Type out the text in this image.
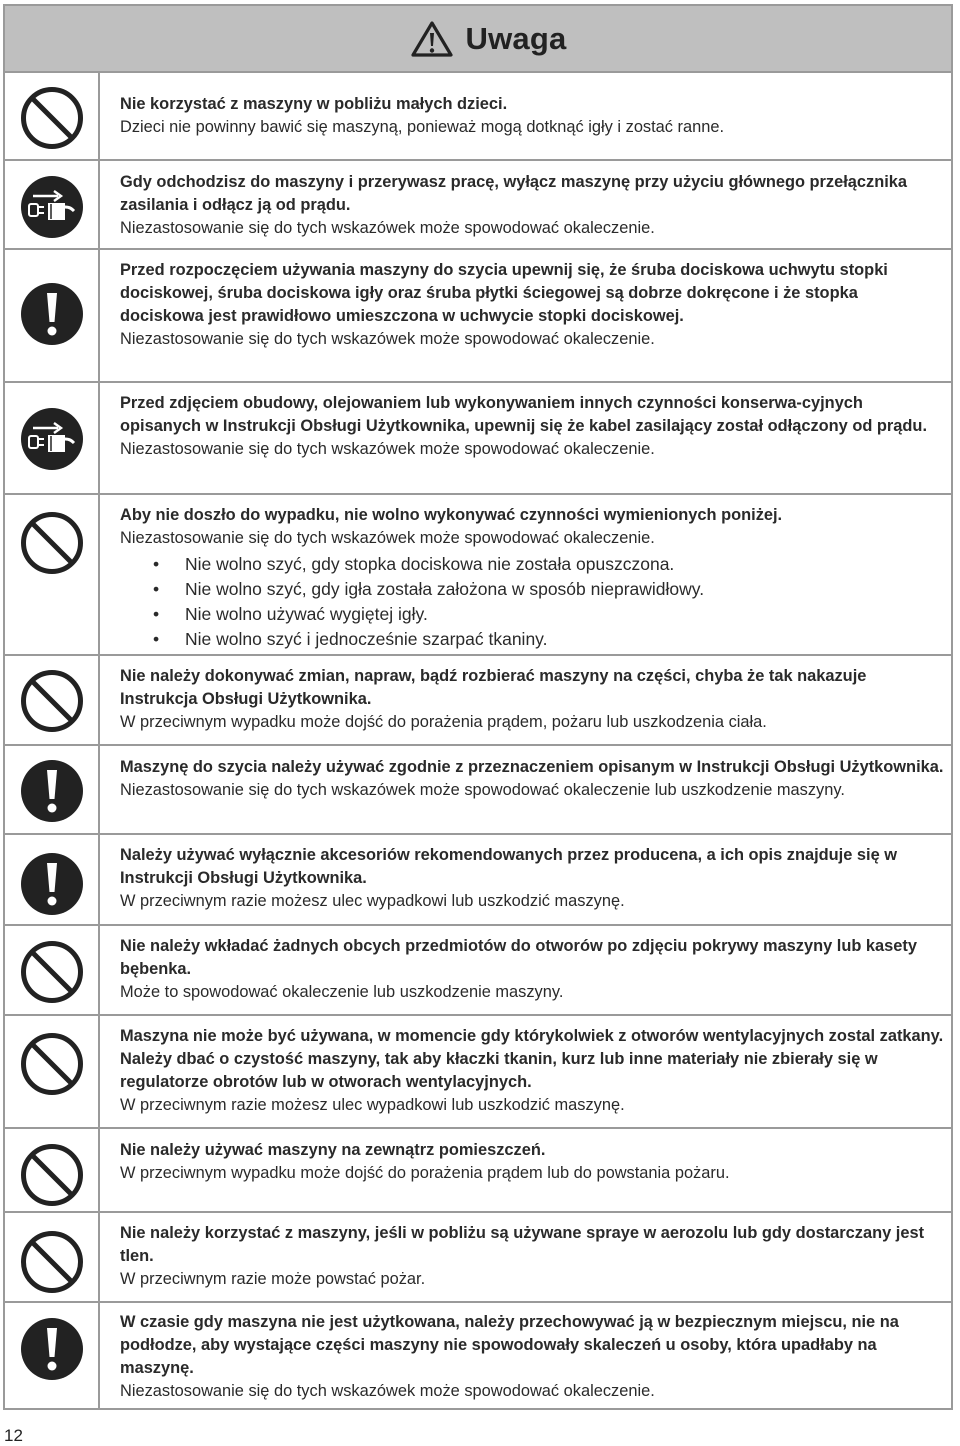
Uwaga
Nie korzystać z maszyny w pobliżu małych dzieci.
Dzieci nie powinny bawić się maszyną, ponieważ mogą dotknąć igły i zostać ranne.
Gdy odchodzisz do maszyny i przerywasz pracę, wyłącz maszynę przy użyciu głównego przełącznika zasilania i odłącz ją od prądu.
Niezastosowanie się do tych wskazówek może spowodować okaleczenie.
Przed rozpoczęciem używania maszyny do szycia upewnij się, że śruba dociskowa uchwytu stopki dociskowej, śruba dociskowa igły oraz śruba płytki ściegowej są dobrze dokręcone i że stopka dociskowa jest prawidłowo umieszczona w uchwycie stopki dociskowej.
Niezastosowanie się do tych wskazówek może spowodować okaleczenie.
Przed zdjęciem obudowy, olejowaniem lub wykonywaniem innych czynności konserwa-cyjnych opisanych w Instrukcji Obsługi Użytkownika, upewnij się że kabel zasilający został odłączony od prądu.
Niezastosowanie się do tych wskazówek może spowodować okaleczenie.
Aby nie doszło do wypadku, nie wolno wykonywać czynności wymienionych poniżej.
Niezastosowanie się do tych wskazówek może spowodować okaleczenie.
• Nie wolno szyć, gdy stopka dociskowa nie została opuszczona.
• Nie wolno szyć, gdy igła została założona w sposób nieprawidłowy.
• Nie wolno używać wygiętej igły.
• Nie wolno szyć i jednocześnie szarpać tkaniny.
Nie należy dokonywać zmian, napraw, bądź rozbierać maszyny na części, chyba że tak nakazuje Instrukcja Obsługi Użytkownika.
W przeciwnym wypadku może dojść do porażenia prądem, pożaru lub uszkodzenia ciała.
Maszynę do szycia należy używać zgodnie z przeznaczeniem opisanym w Instrukcji Obsługi Użytkownika.
Niezastosowanie się do tych wskazówek może spowodować okaleczenie lub uszkodzenie maszyny.
Należy używać wyłącznie akcesoriów rekomendowanych przez producena, a ich opis znajduje się w Instrukcji Obsługi Użytkownika.
W przeciwnym razie możesz ulec wypadkowi lub uszkodzić maszynę.
Nie należy wkładać żadnych obcych przedmiotów do otworów po zdjęciu pokrywy maszyny lub kasety bębenka.
Może to spowodować okaleczenie lub uszkodzenie maszyny.
Maszyna nie może być używana, w momencie gdy którykolwiek z otworów wentylacyjnych zostal zatkany. Należy dbać o czystość maszyny, tak aby kłaczki tkanin, kurz lub inne materiały nie zbierały się w regulatorze obrotów lub w otworach wentylacyjnych.
W przeciwnym razie możesz ulec wypadkowi lub uszkodzić maszynę.
Nie należy używać maszyny na zewnątrz pomieszczeń.
W przeciwnym wypadku może dojść do porażenia prądem lub do powstania pożaru.
Nie należy korzystać z maszyny, jeśli w pobliżu są używane spraye w aerozolu lub gdy dostarczany jest tlen.
W przeciwnym razie może powstać pożar.
W czasie gdy maszyna nie jest użytkowana, należy przechowywać ją w bezpiecznym miejscu, nie na podłodze, aby wystające części maszyny nie spowodowały skaleczeń u osoby, która upadłaby na maszynę.
Niezastosowanie się do tych wskazówek może spowodować okaleczenie.
12
